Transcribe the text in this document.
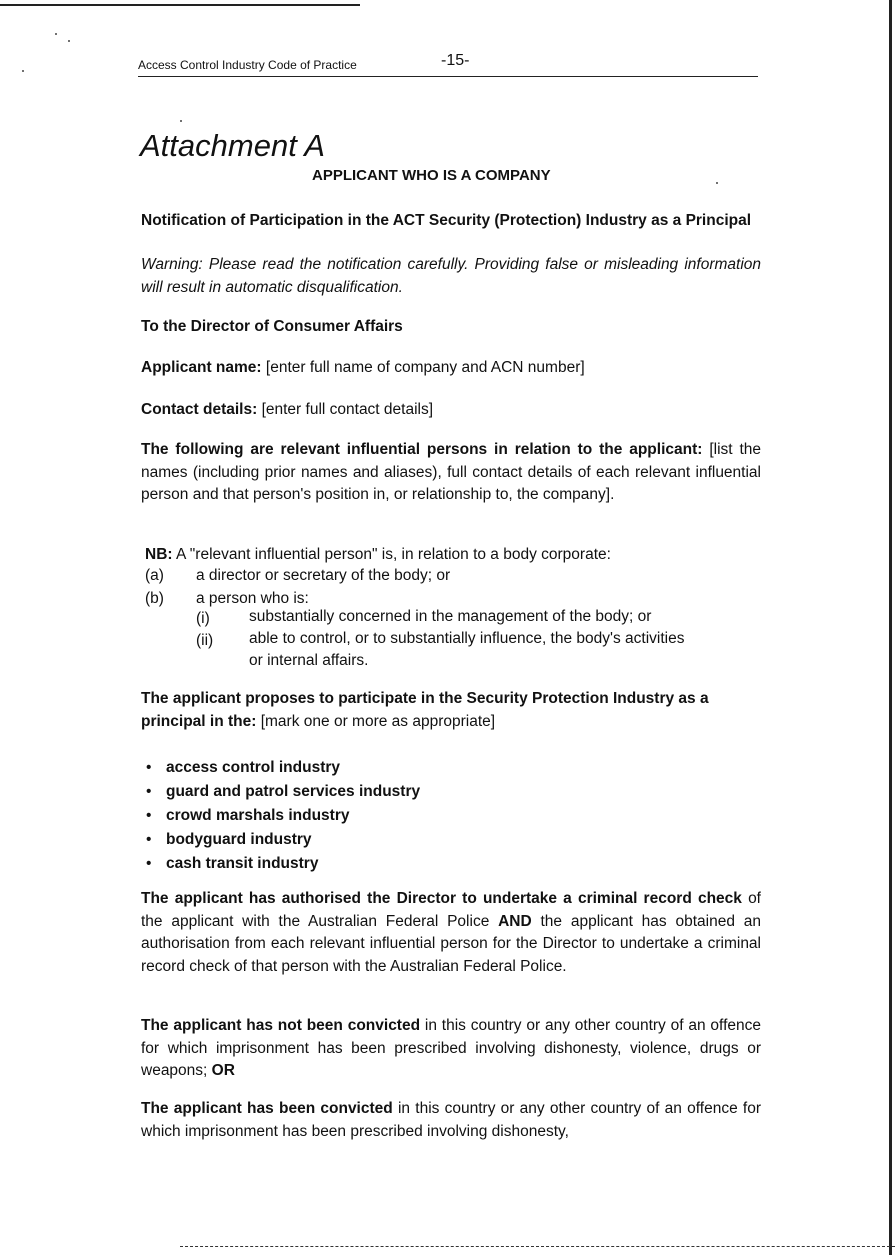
Access Control Industry Code of Practice	-15-
Attachment A
APPLICANT WHO IS A COMPANY

Notification of Participation in the ACT Security (Protection) Industry as a Principal

Warning: Please read the notification carefully. Providing false or misleading information will result in automatic disqualification.

To the Director of Consumer Affairs

Applicant name: [enter full name of company and ACN number]

Contact details: [enter full contact details]

The following are relevant influential persons in relation to the applicant: [list the names (including prior names and aliases), full contact details of each relevant influential person and that person's position in, or relationship to, the company].

NB: A "relevant influential person" is, in relation to a body corporate:
(a) a director or secretary of the body; or
(b) a person who is:
(i)	substantially concerned in the management of the body; or
(ii) able to control, or to substantially influence, the body's activities
or internal affairs.

The applicant proposes to participate in the Security Protection Industry as a principal in the: [mark one or more as appropriate]

• access control industry
• guard and patrol services industry
• crowd marshals industry
• bodyguard industry
• cash transit industry

The applicant has authorised the Director to undertake a criminal record check of the applicant with the Australian Federal Police AND the applicant has obtained an authorisation from each relevant influential person for the Director to undertake a criminal record check of that person with the Australian Federal Police.

The applicant has not been convicted in this country or any other country of an offence for which imprisonment has been prescribed involving dishonesty, violence, drugs or weapons; OR

The applicant has been convicted in this country or any other country of an offence for which imprisonment has been prescribed involving dishonesty,
